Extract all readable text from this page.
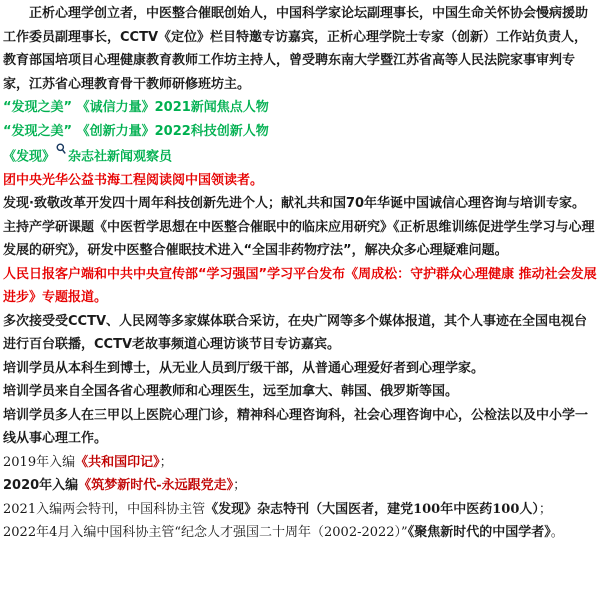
正析心理学创立者，中医整合催眠创始人，中国科学家论坛副理事长，中国生命关怀协会慢病援助工作委员副理事长，CCTV《定位》栏目特邀专访嘉宾，正析心理学院士专家（创新）工作站负责人，教育部国培项目心理健康教育教师工作坊主持人，曾受聘东南大学暨江苏省高等人民法院家事审判专家，江苏省心理教育骨干教师研修班坊主。

“发现之美” 《诚信力量》2021新闻焦点人物

“发现之美” 《创新力量》2022科技创新人物

《发现》 杂志社新闻观察员

团中央光华公益书海工程阅读阅中国领读者。

发现·致敬改革开发四十周年科技创新先进个人；献礼共和国70年华诞中国诚信心理咨询与培训专家。

主持产学研课题《中医哲学思想在中医整合催眠中的临床应用研究》《正析思维训练促进学生学习与心理发展的研究》，研发中医整合催眠技术进入“全国非药物疗法”，解决众多心理疑难问题。

人民日报客户端和中共中央宣传部“学习强国”学习平台发布《周成松：守护群众心理健康 推动社会发展进步》专题报道。

多次接受受CCTV、人民网等多家媒体联合采访，在央广网等多个媒体报道，其个人事迹在全国电视台进行百台联播，CCTV老故事频道心理访谈节目专访嘉宾。

培训学员从本科生到博士，从无业人员到厅级干部，从普通心理爱好者到心理学家。

培训学员来自全国各省心理教师和心理医生，远至加拿大、韩国、俄罗斯等国。

培训学员多人在三甲以上医院心理门诊，精神科心理咨询科，社会心理咨询中心，公检法以及中小学一线从事心理工作。

2019年入编《共和国印记》；

2020年入编《筑梦新时代-永远跟党走》；

2021入编两会特刊，中国科协主管《发现》杂志特刊（大国医者，建党100年中医药100人）；

2022年4月入编中国科协主管“纪念人才强国二十周年（2002-2022）”《聚焦新时代的中国学者》。
